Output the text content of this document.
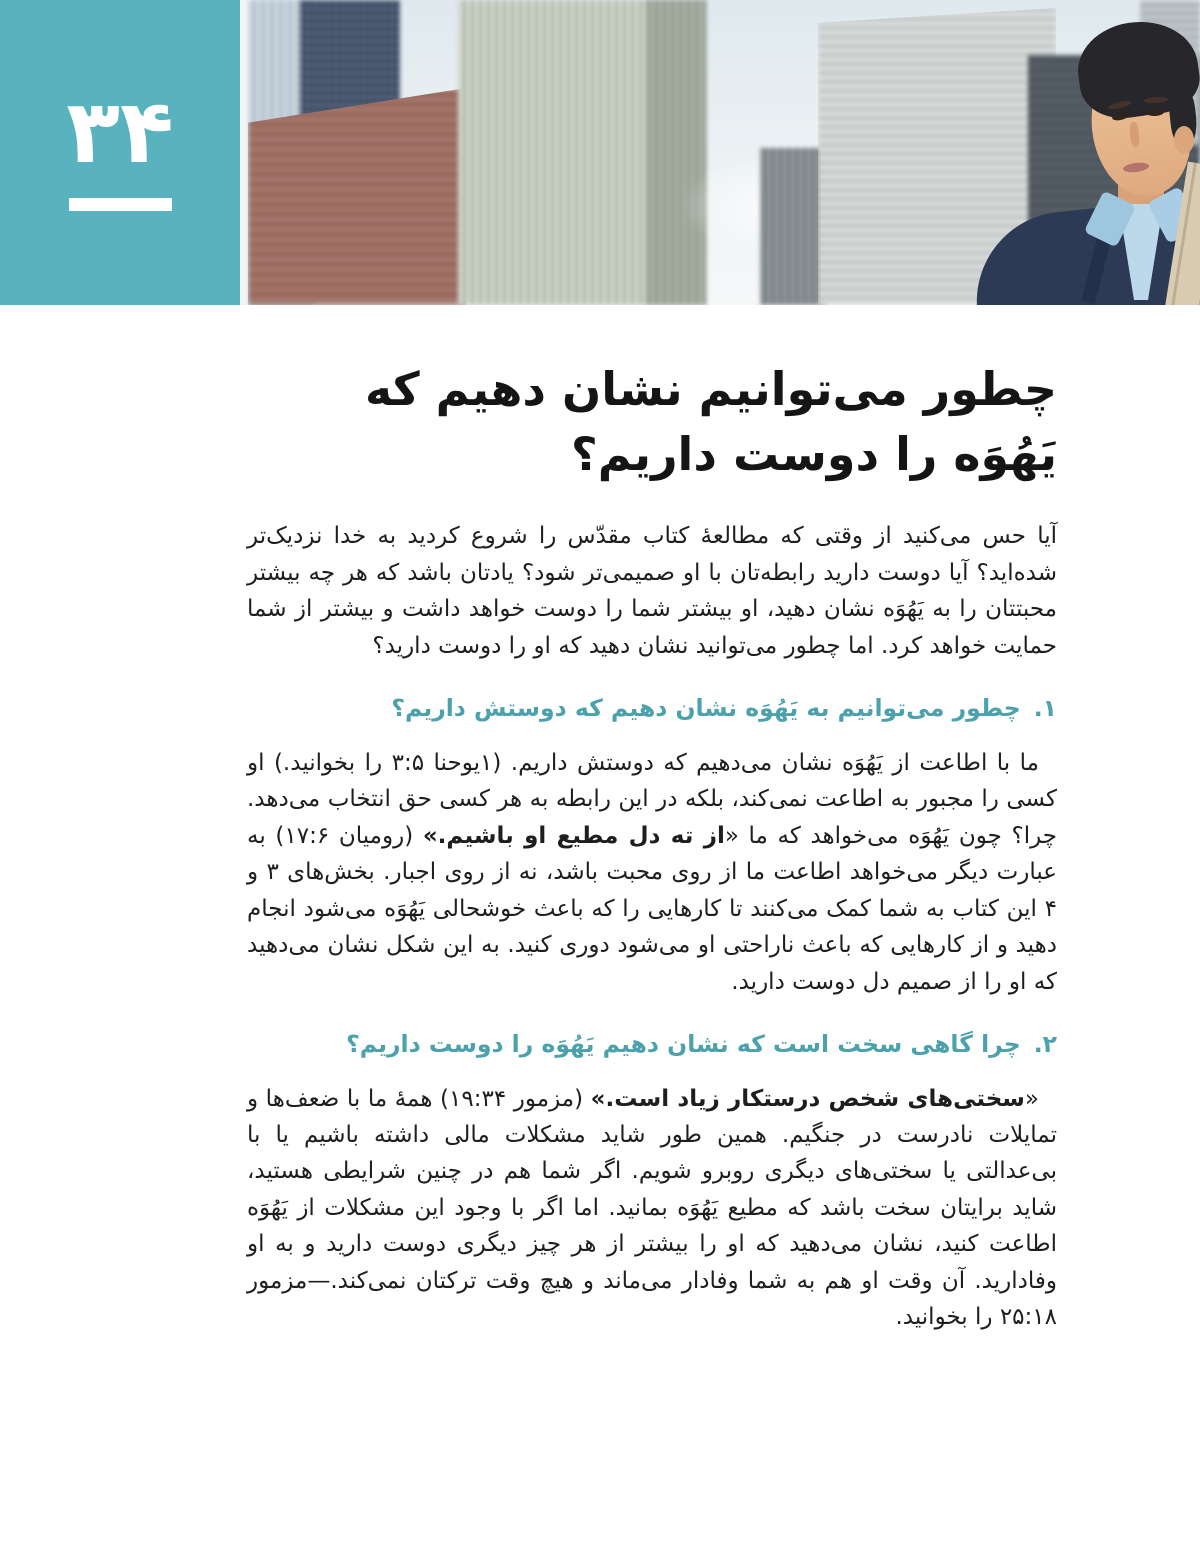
۳۴
چطور می‌توانیم نشان دهیم که
یَهُوَه را دوست داریم؟

آیا حس می‌کنید از وقتی که مطالعهٔ کتاب مقدّس را شروع کردید به خدا نزدیک‌تر شده‌اید؟ آیا دوست دارید رابطه‌تان با او صمیمی‌تر شود؟ یادتان باشد که هر چه بیشتر محبتتان را به یَهُوَه نشان دهید، او بیشتر شما را دوست خواهد داشت و بیشتر از شما حمایت خواهد کرد. اما چطور می‌توانید نشان دهید که او را دوست دارید؟

۱.چطور می‌توانیم به یَهُوَه نشان دهیم که دوستش داریم؟

ما با اطاعت از یَهُوَه نشان می‌دهیم که دوستش داریم. (۱یوحنا ۳:۵ را بخوانید.) او کسی را مجبور به اطاعت نمی‌کند، بلکه در این رابطه به هر کسی حق انتخاب می‌دهد. چرا؟ چون یَهُوَه می‌خواهد که ما «از ته دل مطیع او باشیم.» (رومیان ۱۷:۶) به عبارت دیگر می‌خواهد اطاعت ما از روی محبت باشد، نه از روی اجبار. بخش‌های ۳ و ۴ این کتاب به شما کمک می‌کنند تا کارهایی را که باعث خوشحالی یَهُوَه می‌شود انجام دهید و از کارهایی که باعث ناراحتی او می‌شود دوری کنید. به این شکل نشان می‌دهید که او را از صمیم دل دوست دارید.

۲.چرا گاهی سخت است که نشان دهیم یَهُوَه را دوست داریم؟

«سختی‌های شخص درستکار زیاد است.» (مزمور ۱۹:۳۴) همهٔ ما با ضعف‌ها و تمایلات نادرست در جنگیم. همین طور شاید مشکلات مالی داشته باشیم یا با بی‌عدالتی یا سختی‌های دیگری روبرو شویم. اگر شما هم در چنین شرایطی هستید، شاید برایتان سخت باشد که مطیع یَهُوَه بمانید. اما اگر با وجود این مشکلات از یَهُوَه اطاعت کنید، نشان می‌دهید که او را بیشتر از هر چیز دیگری دوست دارید و به او وفادارید. آن وقت او هم به شما وفادار می‌ماند و هیچ وقت ترکتان نمی‌کند.—مزمور ۲۵:۱۸ را بخوانید.
